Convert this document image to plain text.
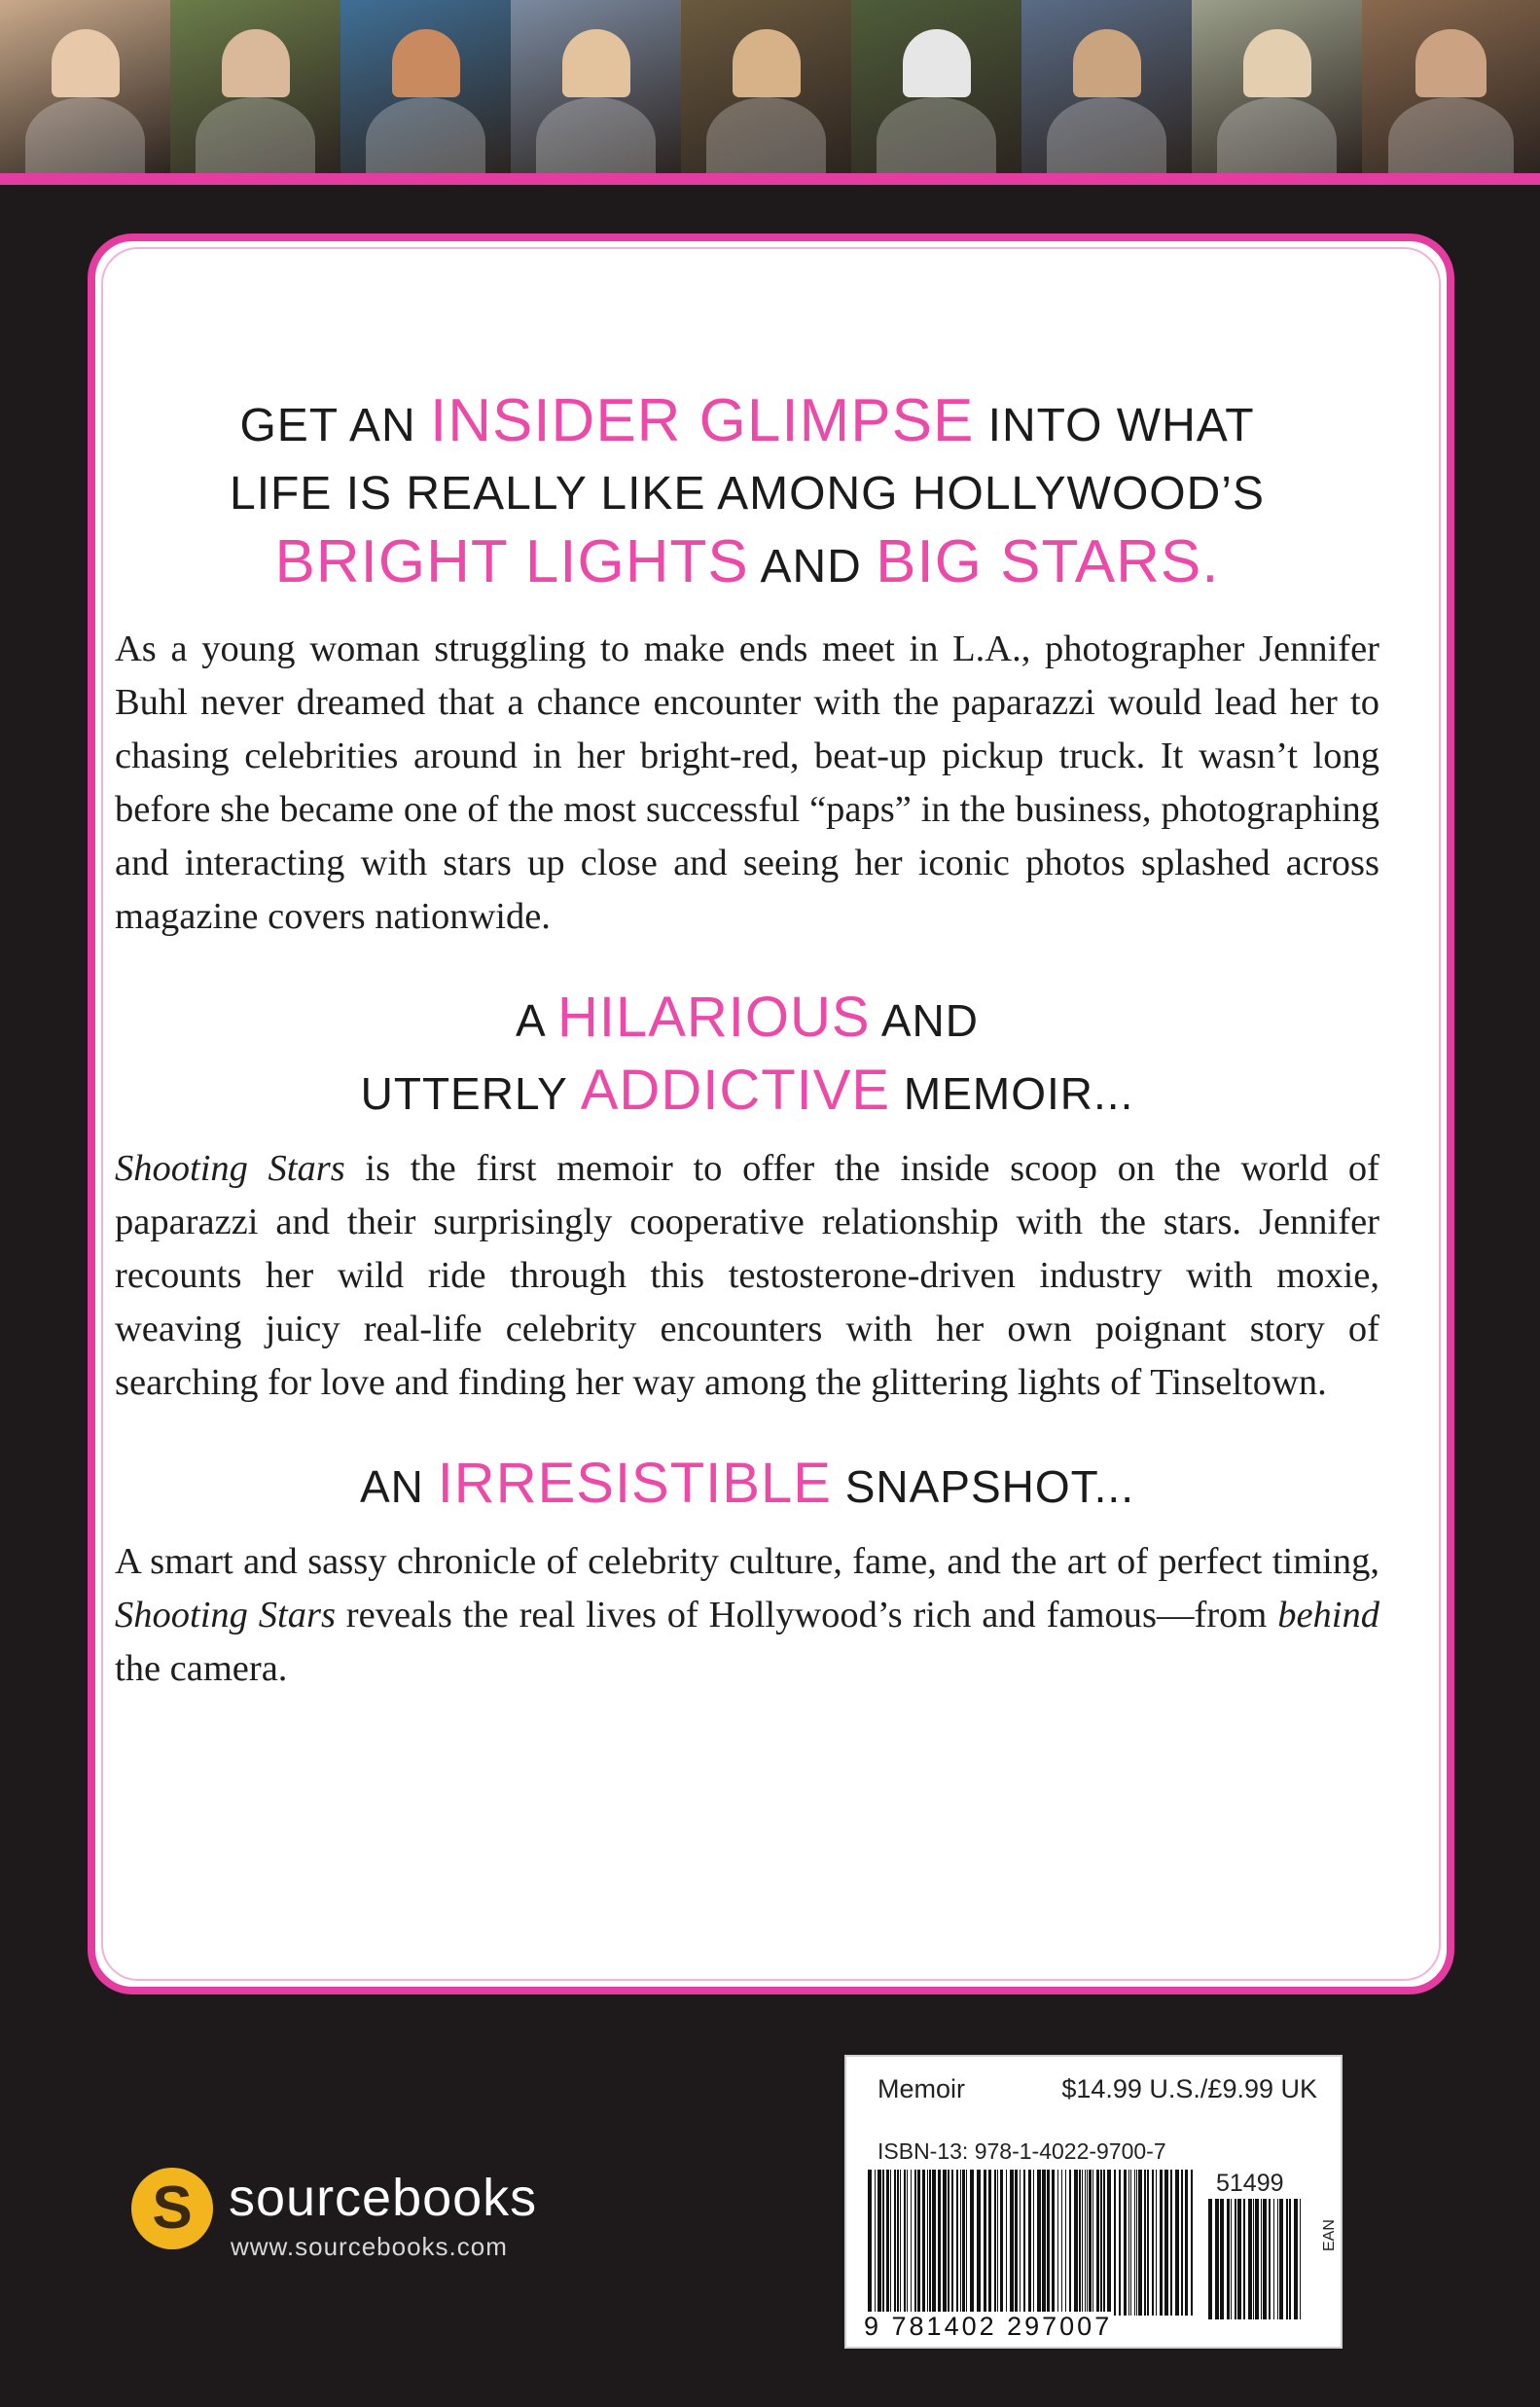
GET AN INSIDER GLIMPSE INTO WHAT
LIFE IS REALLY LIKE AMONG HOLLYWOOD’S
BRIGHT LIGHTS AND BIG STARS.

As a young woman struggling to make ends meet in L.A., photographer Jennifer Buhl never dreamed that a chance encounter with the paparazzi would lead her to chasing celebrities around in her bright-red, beat-up pickup truck. It wasn’t long before she became one of the most successful “paps” in the business, photographing and interacting with stars up close and seeing her iconic photos splashed across magazine covers nationwide.

A HILARIOUS AND
UTTERLY ADDICTIVE MEMOIR...

Shooting Stars is the first memoir to offer the inside scoop on the world of paparazzi and their surprisingly cooperative relationship with the stars. Jennifer recounts her wild ride through this testosterone-driven industry with moxie, weaving juicy real-life celebrity encounters with her own poignant story of searching for love and finding her way among the glittering lights of Tinseltown.

AN IRRESISTIBLE SNAPSHOT...

A smart and sassy chronicle of celebrity culture, fame, and the art of perfect timing, Shooting Stars reveals the real lives of Hollywood’s rich and famous—from behind the camera.

S sourcebooks
www.sourcebooks.com
Memoir	$14.99 U.S./£9.99 UK
ISBN-13: 978-1-4022-9700-7
51499
EAN
9 781402 297007
